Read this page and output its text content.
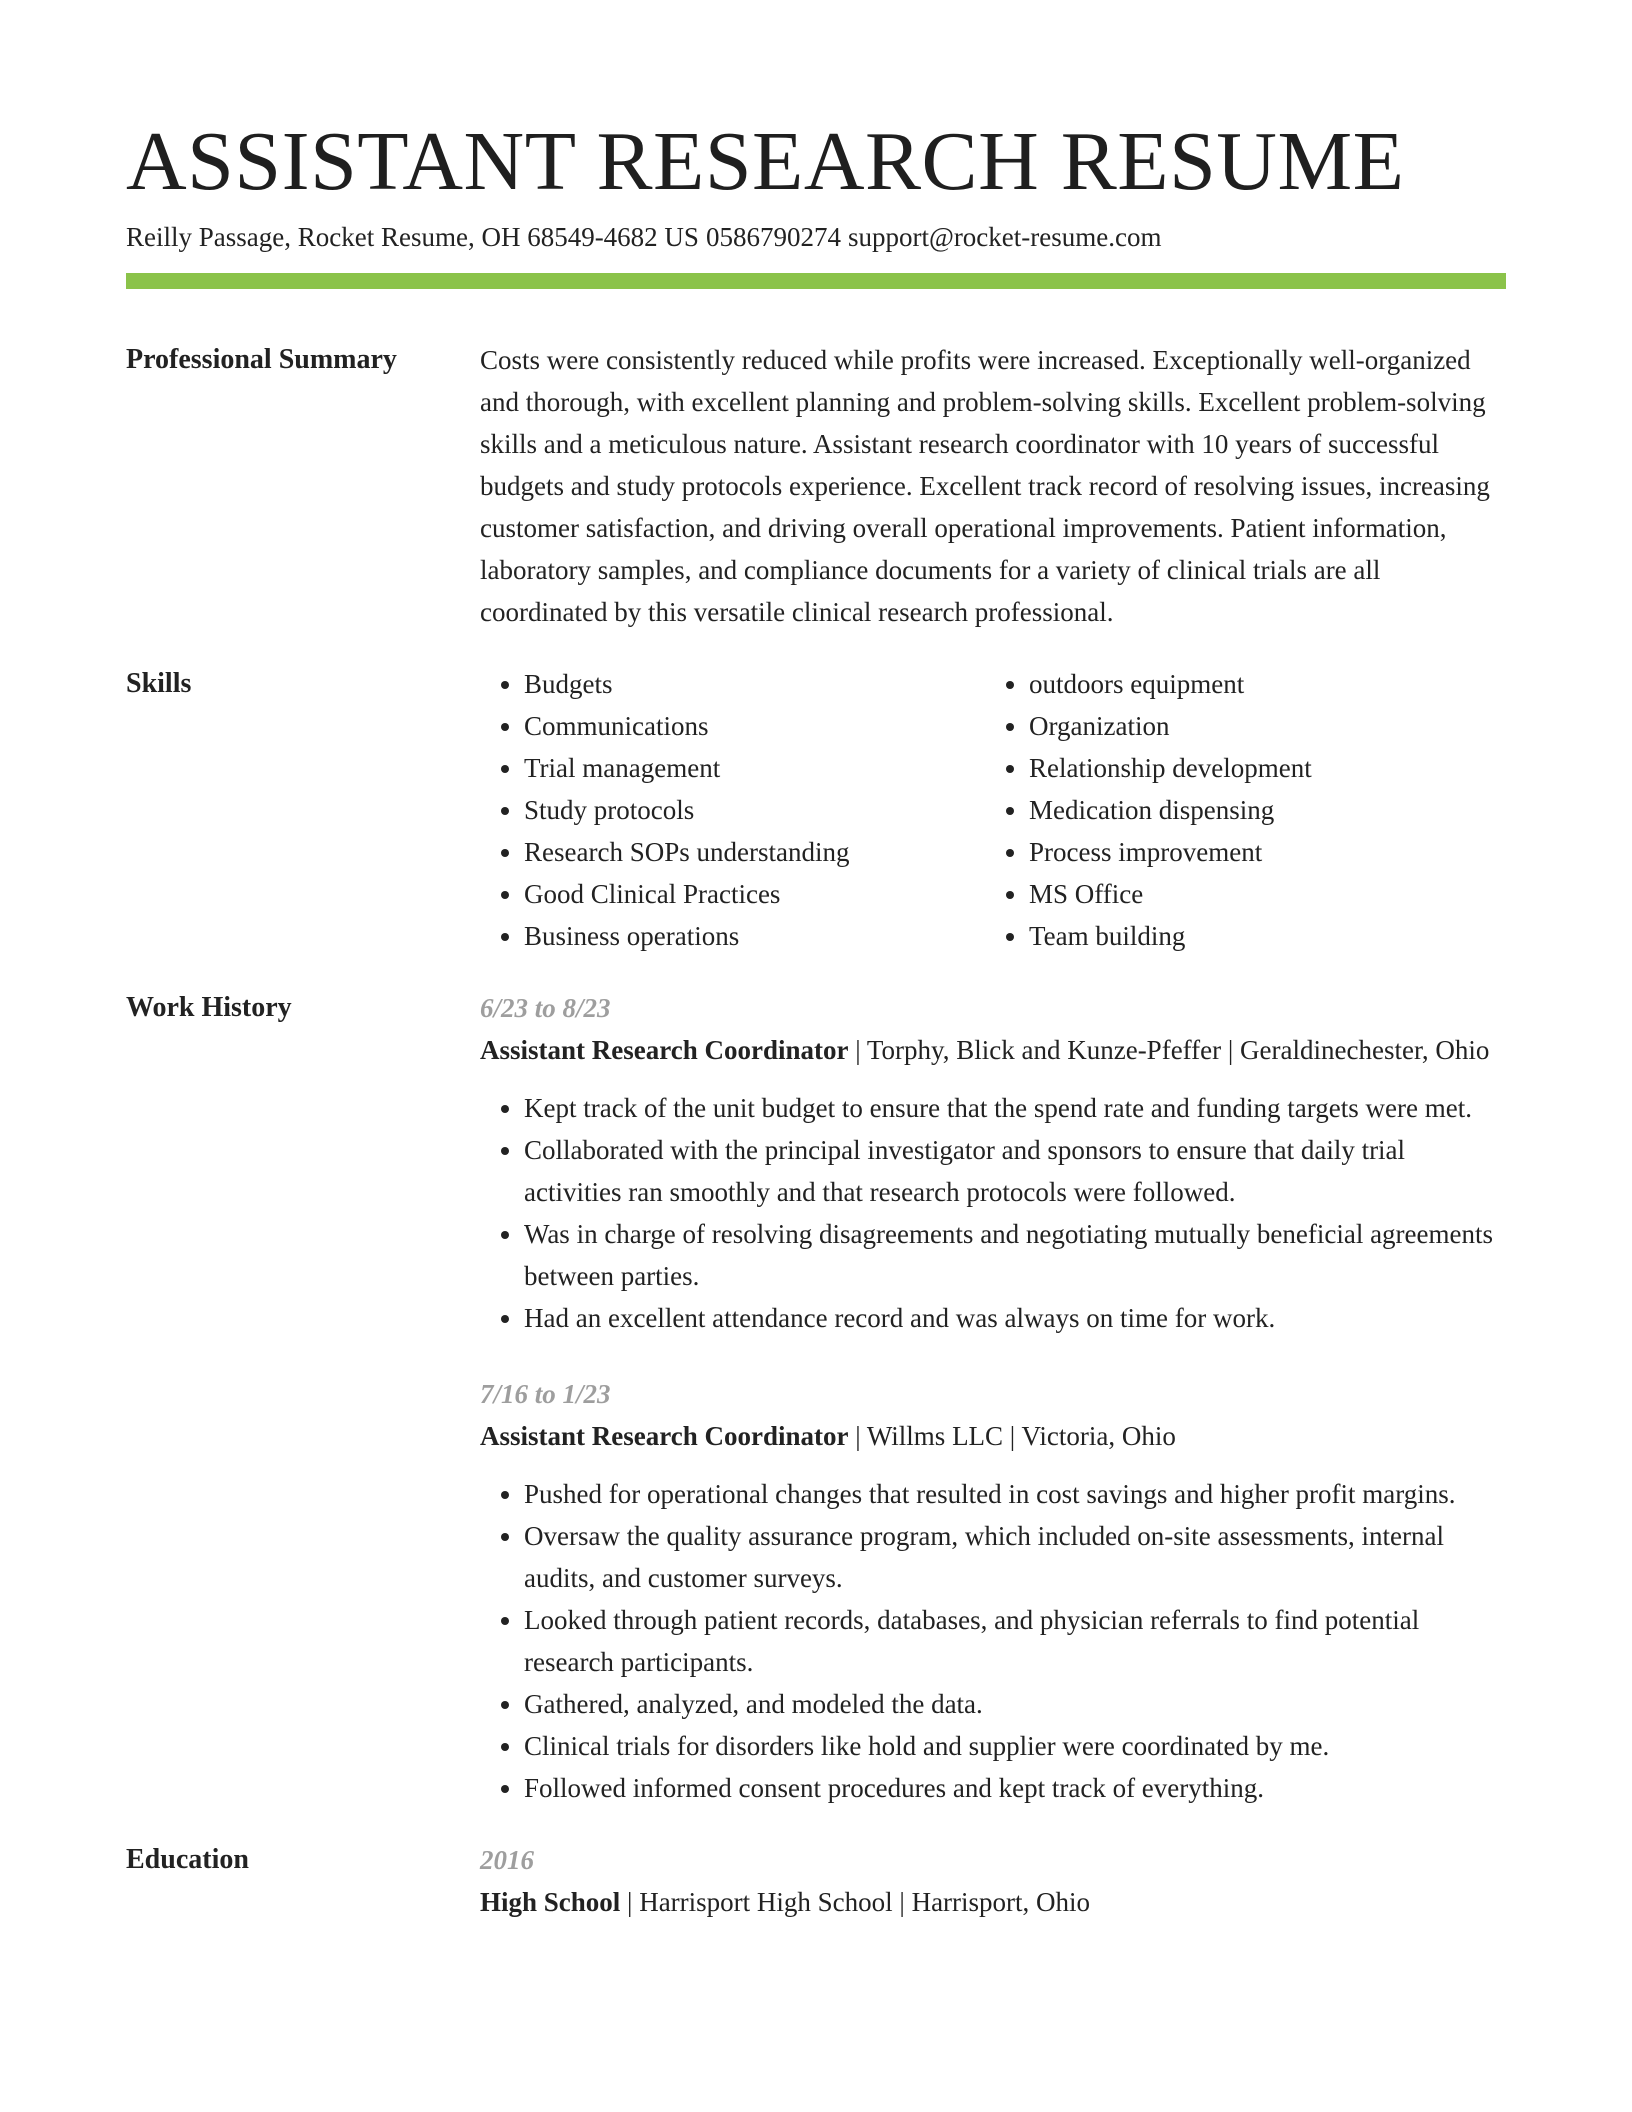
ASSISTANT RESEARCH RESUME
Reilly Passage, Rocket Resume, OH 68549-4682 US 0586790274 support@rocket-resume.com
Professional Summary	Costs were consistently reduced while profits were increased. Exceptionally well-organized and thorough, with excellent planning and problem-solving skills. Excellent problem-solving skills and a meticulous nature. Assistant research coordinator with 10 years of successful budgets and study protocols experience. Excellent track record of resolving issues, increasing customer satisfaction, and driving overall operational improvements. Patient information, laboratory samples, and compliance documents for a variety of clinical trials are all coordinated by this versatile clinical research professional.

Skills
•	Budgets
• Communications
• Trial management
• Study protocols
• Research SOPs understanding
• Good Clinical Practices
• Business operations
• outdoors equipment
• Organization
• Relationship development
• Medication dispensing
• Process improvement
• MS Office
• Team building
Work History	6/23 to 8/23
Assistant Research Coordinator | Torphy, Blick and Kunze-Pfeffer | Geraldinechester, Ohio
• Kept track of the unit budget to ensure that the spend rate and funding targets were met.
• Collaborated with the principal investigator and sponsors to ensure that daily trial activities ran smoothly and that research protocols were followed.
• Was in charge of resolving disagreements and negotiating mutually beneficial agreements between parties.
• Had an excellent attendance record and was always on time for work.
7/16 to 1/23
Assistant Research Coordinator | Willms LLC | Victoria, Ohio
• Pushed for operational changes that resulted in cost savings and higher profit margins.
• Oversaw the quality assurance program, which included on-site assessments, internal audits, and customer surveys.
• Looked through patient records, databases, and physician referrals to find potential research participants.
• Gathered, analyzed, and modeled the data.
• Clinical trials for disorders like hold and supplier were coordinated by me.
• Followed informed consent procedures and kept track of everything.
Education	2016
High School | Harrisport High School | Harrisport, Ohio
